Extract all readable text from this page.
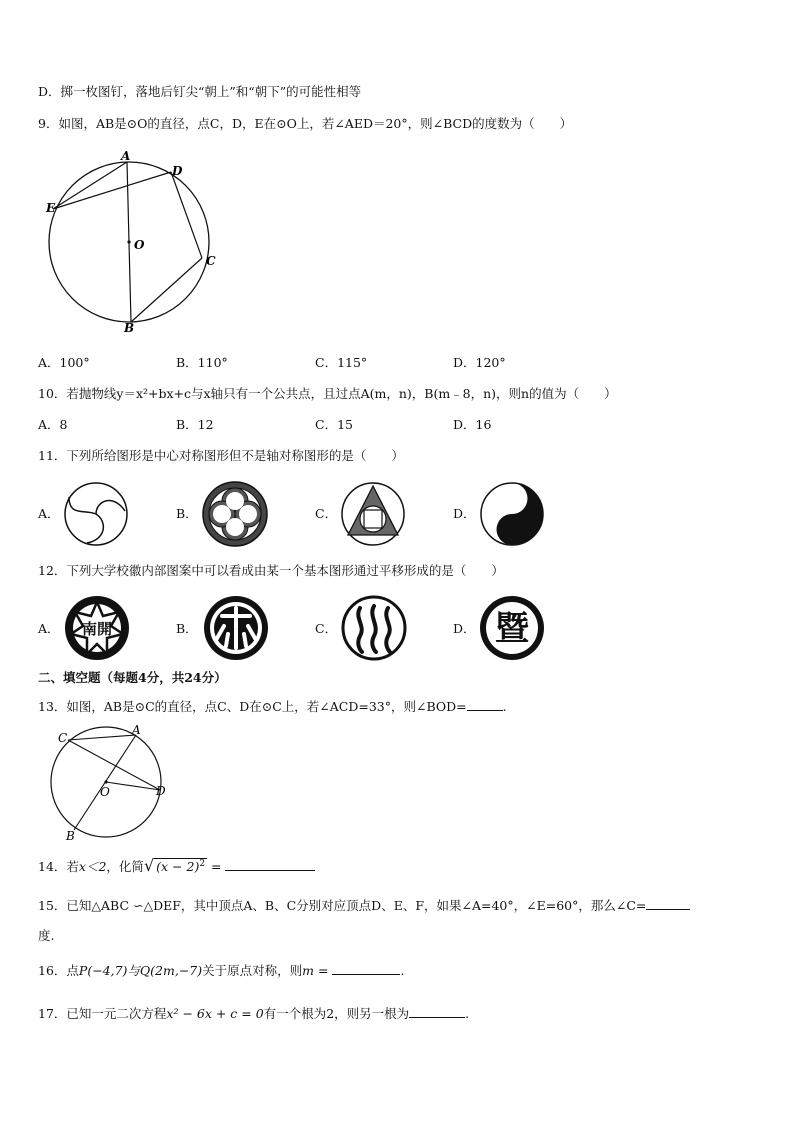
D．掷一枚图钉，落地后钉尖“朝上”和“朝下”的可能性相等
9．如图，AB是⊙O的直径，点C，D，E在⊙O上，若∠AED＝20°，则∠BCD的度数为（　　）
A
D
E
O
C
B
A．100°	B．110°	C．115°	D．120°
10．若抛物线y＝x²+bx+c与x轴只有一个公共点，且过点A(m，n)，B(m﹣8，n)，则n的值为（　　）
A．8	B．12	C．15	D．16
11．下列所给图形是中心对称图形但不是轴对称图形的是（　　）
A．	B．	C．	D．
12．下列大学校徽内部图案中可以看成由某一个基本图形通过平移形成的是（　　）
A． 南開	B．	C．	D． 暨
二、填空题（每题4分，共24分）
13．如图，AB是⊙C的直径，点C、D在⊙C上，若∠ACD=33°，则∠BOD=	.
C
A
O	D
B
14．若x＜2，化简√ $(x - 2)^2$ =
15．已知△ABC ∽△DEF，其中顶点A、B、C分别对应顶点D、E、F，如果∠A=40°，∠E=60°，那么∠C=
度.
16．点P(−4,7)与Q(2m,−7)关于原点对称，则m =	.
17．已知一元二次方程x² − 6x + c = 0有一个根为2，则另一根为	.
